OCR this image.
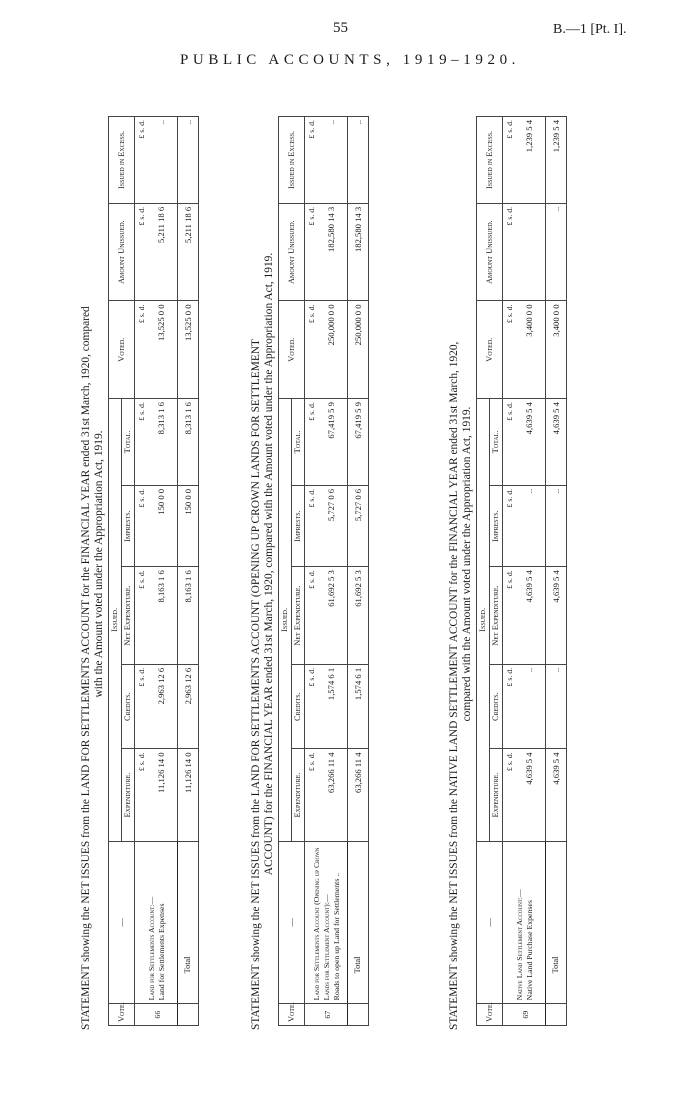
55	B.—1 [Pt. I].
PUBLIC ACCOUNTS, 1919–1920.

STATEMENT showing the NET ISSUES from the LAND FOR SETTLEMENTS ACCOUNT for the FINANCIAL YEAR ended 31st March, 1920, compared with the Amount voted under the Appropriation Act, 1919.

Vote.	—	Issued.					Voted.	Amount Unissued.	Issued in Excess.
		Expenditure.	Credits.	Net Expenditure.	Imprests.	Total.			
66	Land for Settlements Account:—
Land for Settlements Expenses	£ s. d.	£ s. d.	£ s. d.	£ s. d.	£ s. d.	£ s. d.	£ s. d.	£ s. d.
		11,126 14 0	2,963 12 6	8,163 1 6	150 0 0	8,313 1 6	13,525 0 0	5,211 18 6	..
	Total	11,126 14 0	2,963 12 6	8,163 1 6	150 0 0	8,313 1 6	13,525 0 0	5,211 18 6	..

STATEMENT showing the NET ISSUES from the LAND FOR SETTLEMENTS ACCOUNT (OPENING UP CROWN LANDS FOR SETTLEMENT ACCOUNT) for the FINANCIAL YEAR ended 31st March, 1920, compared with the Amount voted under the Appropriation Act, 1919.

Vote.	—	Issued.					Voted.	Amount Unissued.	Issued in Excess.
		Expenditure.	Credits.	Net Expenditure.	Imprests.	Total.			
67	Land for Settlements Account (Opening up Crown Lands for Settlement Account):—
Roads to open up Land for Settlements ..	£ s. d.	£ s. d.	£ s. d.	£ s. d.	£ s. d.	£ s. d.	£ s. d.	£ s. d.
		63,266 11 4	1,574 6 1	61,692 5 3	5,727 0 6	67,419 5 9	250,000 0 0	182,580 14 3	..
	Total	63,266 11 4	1,574 6 1	61,692 5 3	5,727 0 6	67,419 5 9	250,000 0 0	182,580 14 3	..

STATEMENT showing the NET ISSUES from the NATIVE LAND SETTLEMENT ACCOUNT for the FINANCIAL YEAR ended 31st March, 1920, compared with the Amount voted under the Appropriation Act, 1919.

Vote.	—	Issued.					Voted.	Amount Unissued.	Issued in Excess.
		Expenditure.	Credits.	Net Expenditure.	Imprests.	Total.			
69	Native Land Settlement Account:—
Native Land Purchase Expenses	£ s. d.	£ s. d.	£ s. d.	£ s. d.	£ s. d.	£ s. d.	£ s. d.	£ s. d.
		4,639 5 4	..	4,639 5 4	..	4,639 5 4	3,400 0 0		1,239 5 4
	Total	4,639 5 4	..	4,639 5 4	..	4,639 5 4	3,400 0 0	..	1,239 5 4
